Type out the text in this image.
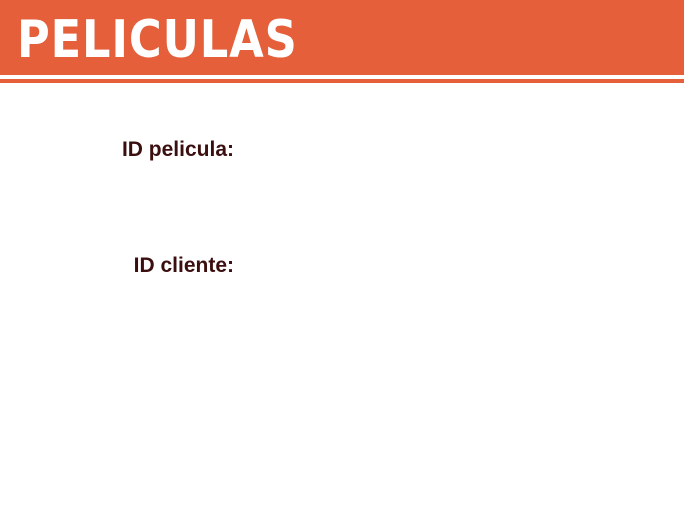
PELICULAS

ID pelicula:

ID cliente:
